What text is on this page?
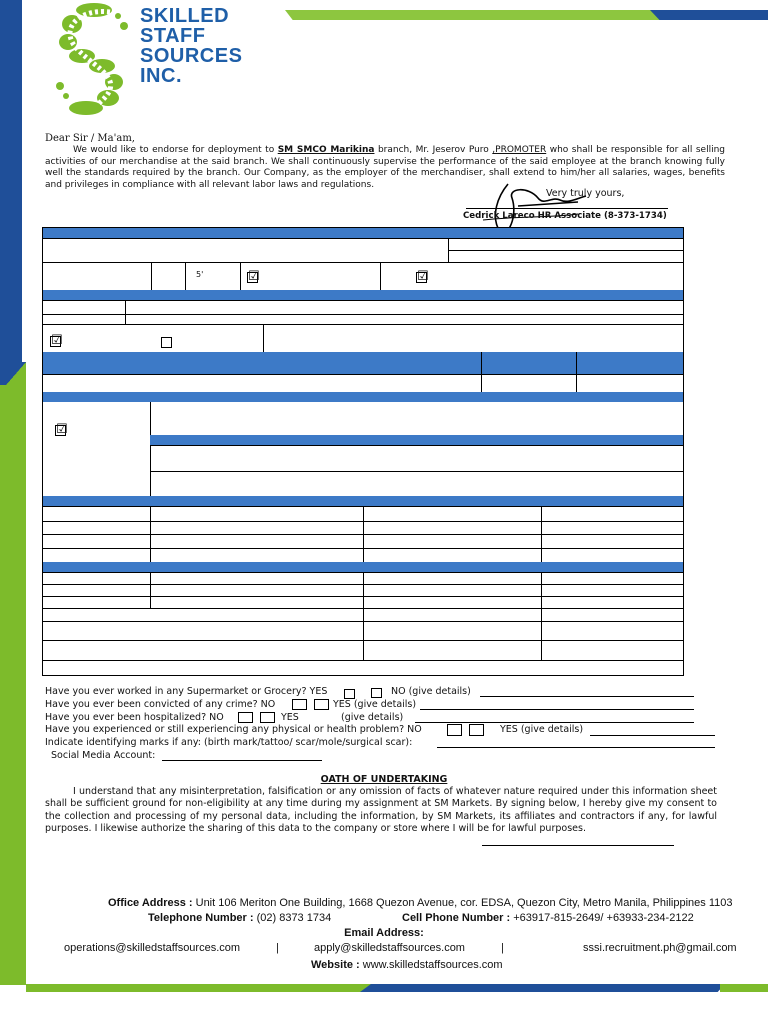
SKILLED
STAFF
SOURCES
INC.
Dear Sir / Ma'am,
We would like to endorse for deployment to SM SMCO Marikina branch, Mr. Jeserov Puro ,PROMOTER who shall be responsible for all selling activities of our merchandise at the said branch. We shall continuously supervise the performance of the said employee at the branch knowing fully well the standards required by the branch. Our Company, as the employer of the merchandiser, shall extend to him/her all salaries, wages, benefits and privileges in compliance with all relevant labor laws and regulations.
Very truly yours,
Cedrick Lareco HR Associate (8-373-1734)
5'	☑	☑
☑
☑
Have you ever worked in any Supermarket or Grocery? YES	NO (give details)
Have you ever been convicted of any crime? NO	YES (give details)
Have you ever been hospitalized? NO	YES	(give details)
Have you experienced or still experiencing any physical or health problem? NO	YES (give details)
Indicate identifying marks if any: (birth mark/tattoo/ scar/mole/surgical scar):
Social Media Account:
OATH OF UNDERTAKING
I understand that any misinterpretation, falsification or any omission of facts of whatever nature required under this information sheet shall be sufficient ground for non-eligibility at any time during my assignment at SM Markets. By signing below, I hereby give my consent to the collection and processing of my personal data, including the information, by SM Markets, its affiliates and contractors if any, for lawful purposes. I likewise authorize the sharing of this data to the company or store where I will be for lawful purposes.
Office Address : Unit 106 Meriton One Building, 1668 Quezon Avenue, cor. EDSA, Quezon City, Metro Manila, Philippines 1103
Telephone Number : (02) 8373 1734	Cell Phone Number : +63917-815-2649/ +63933-234-2122
Email Address:
operations@skilledstaffsources.com	|	apply@skilledstaffsources.com	|	sssi.recruitment.ph@gmail.com
Website : www.skilledstaffsources.com
